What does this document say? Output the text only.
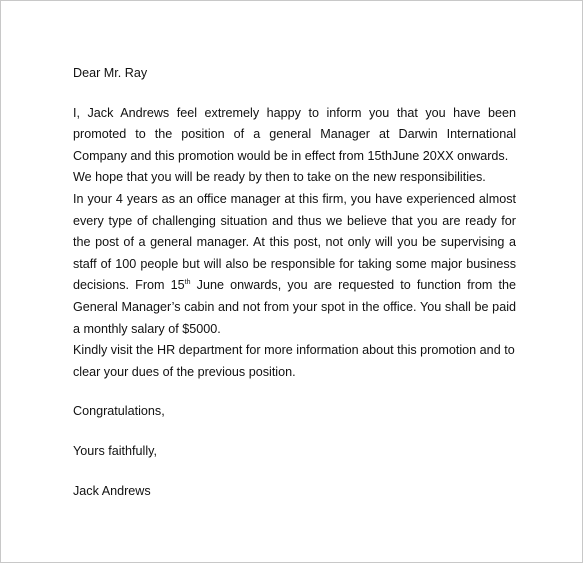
Dear Mr. Ray

I, Jack Andrews feel extremely happy to inform you that you have been promoted to the position of a general Manager at Darwin International Company and this promotion would be in effect from 15thJune 20XX onwards.

We hope that you will be ready by then to take on the new responsibilities.

In your 4 years as an office manager at this firm, you have experienced almost every type of challenging situation and thus we believe that you are ready for the post of a general manager. At this post, not only will you be supervising a staff of 100 people but will also be responsible for taking some major business decisions. From 15th June onwards, you are requested to function from the General Manager’s cabin and not from your spot in the office. You shall be paid a monthly salary of $5000.

Kindly visit the HR department for more information about this promotion and to clear your dues of the previous position.

Congratulations,

Yours faithfully,

Jack Andrews
